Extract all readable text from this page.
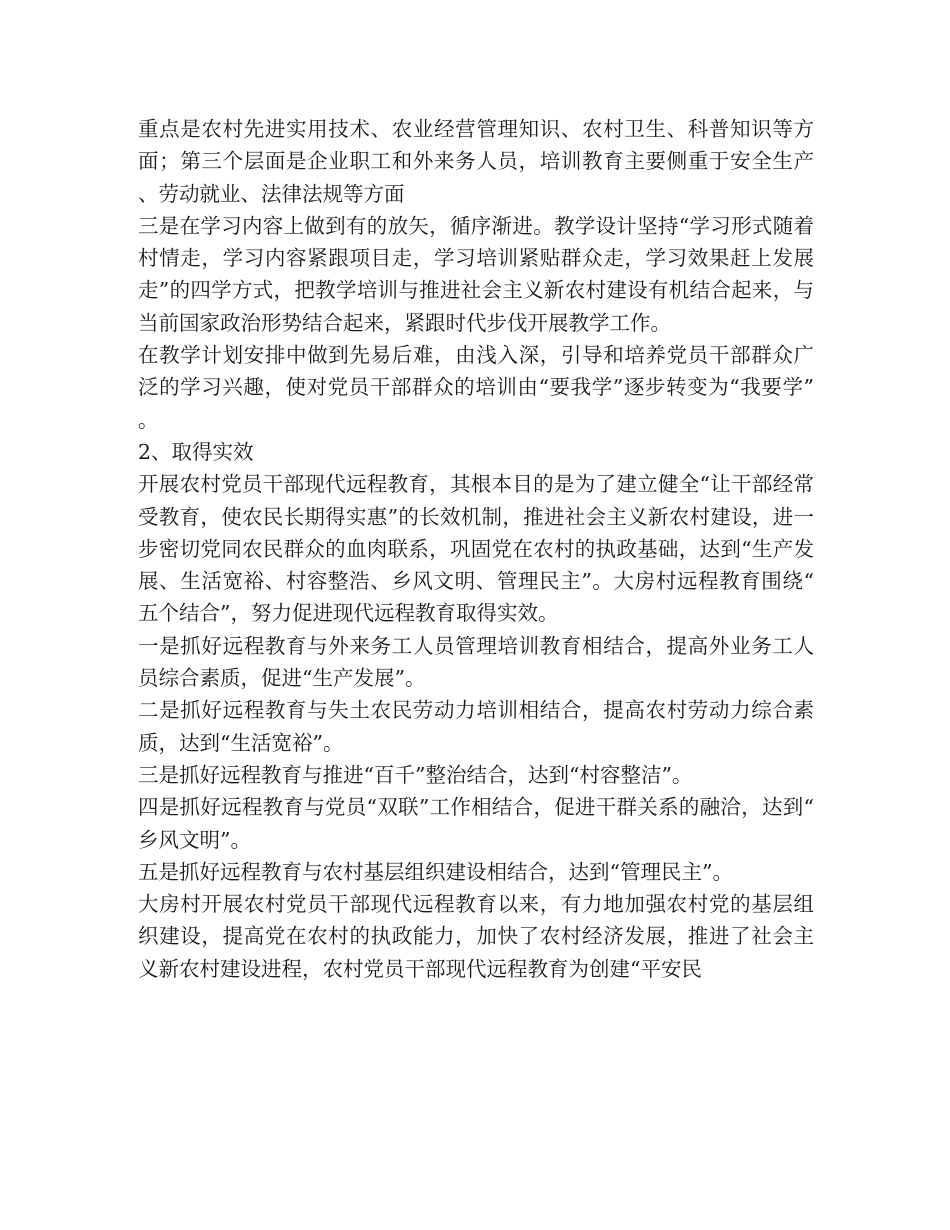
重点是农村先进实用技术、农业经营管理知识、农村卫生、科普知识等方面；第三个层面是企业职工和外来务人员，培训教育主要侧重于安全生产、劳动就业、法律法规等方面

三是在学习内容上做到有的放矢，循序渐进。教学设计坚持“学习形式随着村情走，学习内容紧跟项目走，学习培训紧贴群众走，学习效果赶上发展走”的四学方式，把教学培训与推进社会主义新农村建设有机结合起来，与当前国家政治形势结合起来，紧跟时代步伐开展教学工作。

在教学计划安排中做到先易后难，由浅入深，引导和培养党员干部群众广泛的学习兴趣，使对党员干部群众的培训由“要我学”逐步转变为“我要学”。

2、取得实效

开展农村党员干部现代远程教育，其根本目的是为了建立健全“让干部经常受教育，使农民长期得实惠”的长效机制，推进社会主义新农村建设，进一步密切党同农民群众的血肉联系，巩固党在农村的执政基础，达到“生产发展、生活宽裕、村容整浩、乡风文明、管理民主”。大房村远程教育围绕“五个结合”，努力促进现代远程教育取得实效。

一是抓好远程教育与外来务工人员管理培训教育相结合，提高外业务工人员综合素质，促进“生产发展”。

二是抓好远程教育与失土农民劳动力培训相结合，提高农村劳动力综合素质，达到“生活宽裕”。

三是抓好远程教育与推进“百千”整治结合，达到“村容整洁”。

四是抓好远程教育与党员“双联”工作相结合，促进干群关系的融洽，达到“乡风文明”。

五是抓好远程教育与农村基层组织建设相结合，达到“管理民主”。

大房村开展农村党员干部现代远程教育以来，有力地加强农村党的基层组织建设，提高党在农村的执政能力，加快了农村经济发展，推进了社会主义新农村建设进程，农村党员干部现代远程教育为创建“平安民
